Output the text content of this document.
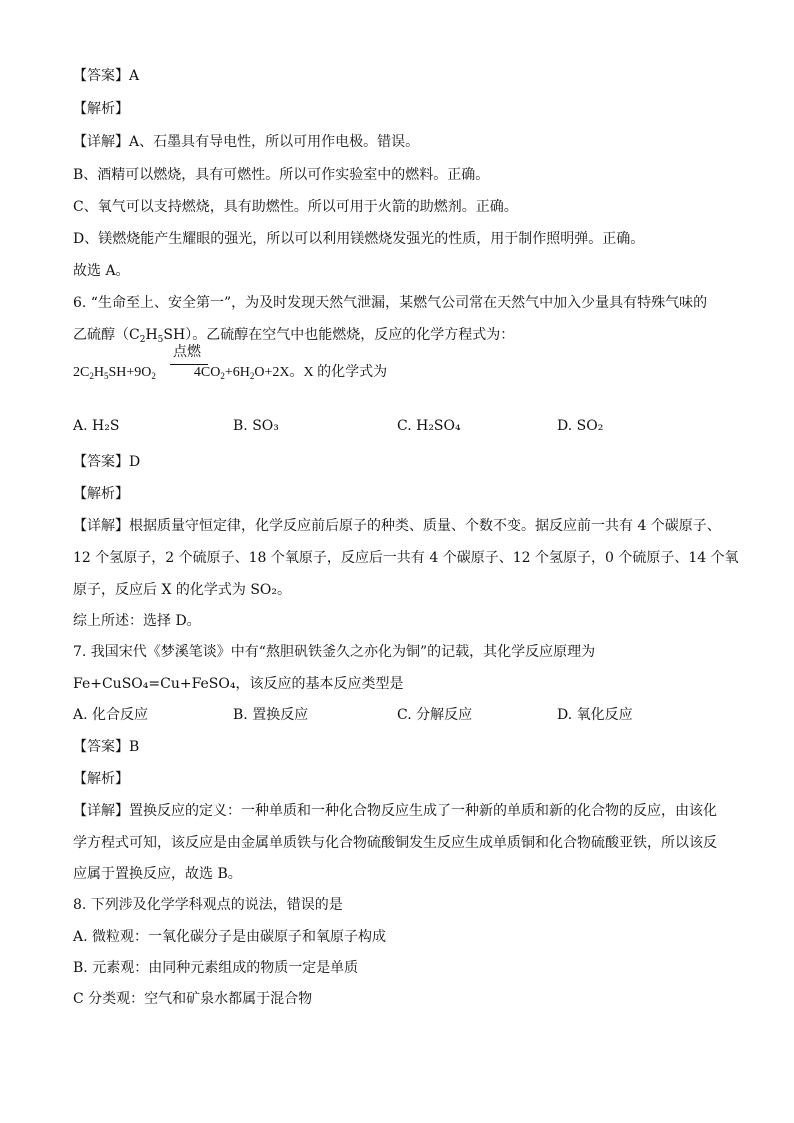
【答案】A
【解析】
【详解】A、石墨具有导电性，所以可用作电极。错误。
B、酒精可以燃烧，具有可燃性。所以可作实验室中的燃料。正确。
C、氧气可以支持燃烧，具有助燃性。所以可用于火箭的助燃剂。正确。
D、镁燃烧能产生耀眼的强光，所以可以利用镁燃烧发强光的性质，用于制作照明弹。正确。
故选 A。
6. “生命至上、安全第一”，为及时发现天然气泄漏，某燃气公司常在天然气中加入少量具有特殊气味的
乙硫醇$(C_2H_5SH)$。乙硫醇在空气中也能燃烧，反应的化学方程式为：
点燃
$2C_2H_5SH+9O_2$	$4CO_2+6H_2O+2X$。X 的化学式为
A. H₂S	B. SO₃	C. H₂SO₄	D. SO₂
【答案】D
【解析】
【详解】根据质量守恒定律，化学反应前后原子的种类、质量、个数不变。据反应前一共有 4 个碳原子、
12 个氢原子，2 个硫原子、18 个氧原子，反应后一共有 4 个碳原子、12 个氢原子，0 个硫原子、14 个氧
原子，反应后 X 的化学式为 SO₂。
综上所述：选择 D。
7. 我国宋代《梦溪笔谈》中有“熬胆矾铁釜久之亦化为铜”的记载，其化学反应原理为
Fe+CuSO₄=Cu+FeSO₄，该反应的基本反应类型是
A. 化合反应	B. 置换反应	C. 分解反应	D. 氧化反应
【答案】B
【解析】
【详解】置换反应的定义：一种单质和一种化合物反应生成了一种新的单质和新的化合物的反应，由该化
学方程式可知，该反应是由金属单质铁与化合物硫酸铜发生反应生成单质铜和化合物硫酸亚铁，所以该反
应属于置换反应，故选 B。
8. 下列涉及化学学科观点的说法，错误的是
A. 微粒观：一氧化碳分子是由碳原子和氧原子构成
B. 元素观：由同种元素组成的物质一定是单质
C 分类观：空气和矿泉水都属于混合物
